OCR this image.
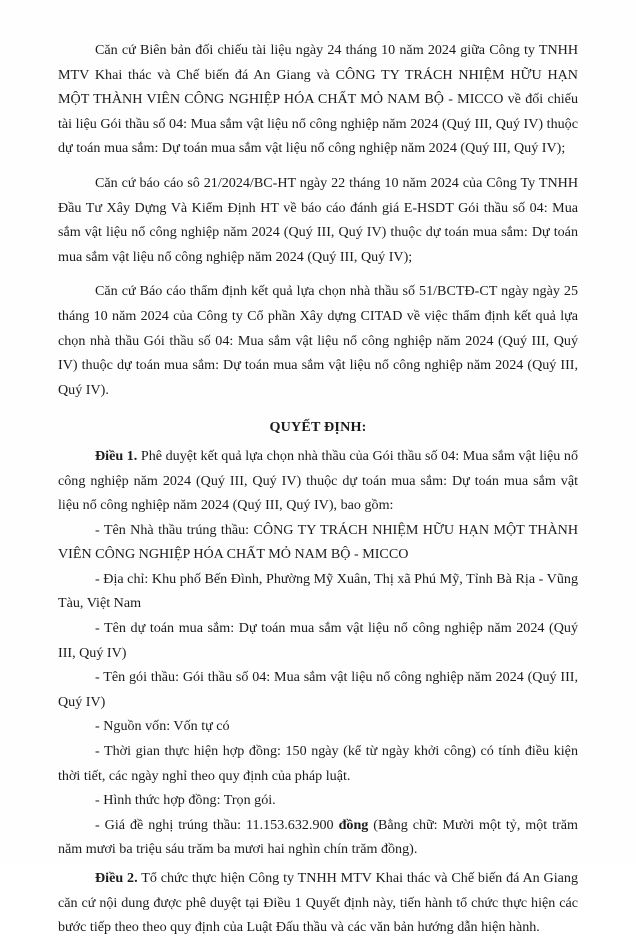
Căn cứ Biên bản đối chiếu tài liệu ngày 24 tháng 10 năm 2024 giữa Công ty TNHH MTV Khai thác và Chế biến đá An Giang và CÔNG TY TRÁCH NHIỆM HỮU HẠN MỘT THÀNH VIÊN CÔNG NGHIỆP HÓA CHẤT MỎ NAM BỘ - MICCO về đối chiếu tài liệu Gói thầu số 04: Mua sắm vật liệu nổ công nghiệp năm 2024 (Quý III, Quý IV) thuộc dự toán mua sắm: Dự toán mua sắm vật liệu nổ công nghiệp năm 2024 (Quý III, Quý IV);

Căn cứ báo cáo sô 21/2024/BC-HT ngày 22 tháng 10 năm 2024 của Công Ty TNHH Đầu Tư Xây Dựng Và Kiểm Định HT về báo cáo đánh giá E-HSDT Gói thầu số 04: Mua sắm vật liệu nổ công nghiệp năm 2024 (Quý III, Quý IV) thuộc dự toán mua sắm: Dự toán mua sắm vật liệu nổ công nghiệp năm 2024 (Quý III, Quý IV);

Căn cứ Báo cáo thẩm định kết quả lựa chọn nhà thầu số 51/BCTĐ-CT ngày ngày 25 tháng 10 năm 2024 của Công ty Cổ phần Xây dựng CITAD về việc thẩm định kết quả lựa chọn nhà thầu Gói thầu số 04: Mua sắm vật liệu nổ công nghiệp năm 2024 (Quý III, Quý IV) thuộc dự toán mua sắm: Dự toán mua sắm vật liệu nổ công nghiệp năm 2024 (Quý III, Quý IV).

QUYẾT ĐỊNH:

Điều 1. Phê duyệt kết quả lựa chọn nhà thầu của Gói thầu số 04: Mua sắm vật liệu nổ công nghiệp năm 2024 (Quý III, Quý IV) thuộc dự toán mua sắm: Dự toán mua sắm vật liệu nổ công nghiệp năm 2024 (Quý III, Quý IV), bao gồm:

- Tên Nhà thầu trúng thầu: CÔNG TY TRÁCH NHIỆM HỮU HẠN MỘT THÀNH VIÊN CÔNG NGHIỆP HÓA CHẤT MỎ NAM BỘ - MICCO

- Địa chỉ: Khu phố Bến Đình, Phường Mỹ Xuân, Thị xã Phú Mỹ, Tỉnh Bà Rịa - Vũng Tàu, Việt Nam

- Tên dự toán mua sắm: Dự toán mua sắm vật liệu nổ công nghiệp năm 2024 (Quý III, Quý IV)

- Tên gói thầu: Gói thầu số 04: Mua sắm vật liệu nổ công nghiệp năm 2024 (Quý III, Quý IV)

- Nguồn vốn: Vốn tự có

- Thời gian thực hiện hợp đồng: 150 ngày (kể từ ngày khởi công) có tính điều kiện thời tiết, các ngày nghỉ theo quy định của pháp luật.

- Hình thức hợp đồng: Trọn gói.

- Giá đề nghị trúng thầu: 11.153.632.900 đồng (Bằng chữ: Mười một tỷ, một trăm năm mươi ba triệu sáu trăm ba mươi hai nghìn chín trăm đồng).

Điều 2. Tổ chức thực hiện Công ty TNHH MTV Khai thác và Chế biến đá An Giang căn cứ nội dung được phê duyệt tại Điều 1 Quyết định này, tiến hành tổ chức thực hiện các bước tiếp theo theo quy định của Luật Đấu thầu và các văn bản hướng dẫn hiện hành.
